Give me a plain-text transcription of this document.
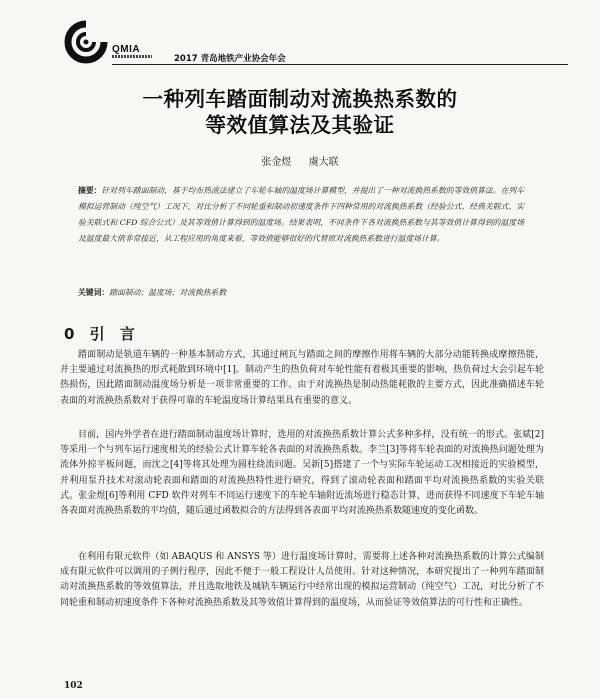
QMIA
2017 青岛地铁产业协会年会
一种列车踏面制动对流换热系数的
等效值算法及其验证
张金煜 虞大联
摘要：针对列车踏面制动，基于均布热流法建立了车轮车轴的温度场计算模型，并提出了一种对流换热系数的等效值算法。在列车模拟运营制动（纯空气）工况下，对比分析了不同轮重和制动初速度条件下四种常用的对流换热系数（经验公式、经典关联式、实验关联式和 CFD 综合公式）及其等效值计算得到的温度场。结果表明，不同条件下各对流换热系数与其等效值计算得到的温度场及温度最大值非常接近，从工程应用的角度来看，等效值能够很好的代替原对流换热系数进行温度场计算。
关键词：踏面制动；温度场；对流换热系数
0 引 言

踏面制动是轨道车辆的一种基本制动方式，其通过闸瓦与踏面之间的摩擦作用将车辆的大部分动能转换成摩擦热能，并主要通过对流换热的形式耗散到环境中[1]。制动产生的热负荷对车轮性能有着极其重要的影响，热负荷过大会引起车轮热损伤，因此踏面制动温度场分析是一项非常重要的工作。由于对流换热是制动热能耗散的主要方式，因此准确描述车轮表面的对流换热系数对于获得可靠的车轮温度场计算结果具有重要的意义。

目前，国内外学者在进行踏面制动温度场计算时，选用的对流换热系数计算公式多种多样，没有统一的形式。张斌[2]等采用一个与列车运行速度相关的经验公式计算车轮各表面的对流换热系数。李兰[3]等将车轮表面的对流换热问题处理为流体外掠平板问题，而沈之[4]等将其处理为圆柱绕流问题。吴新[5]搭建了一个与实际车轮运动工况相接近的实验模型，并利用泵升技术对滚动轮表面和踏面的对流换热特性进行研究，得到了滚动轮表面和踏面平均对流换热系数的实验关联式。张金煜[6]等利用 CFD 软件对列车不同运行速度下的车轮车轴附近流场进行稳态计算，进而获得不同速度下车轮车轴各表面对流换热系数的平均值，随后通过函数拟合的方法得到各表面平均对流换热系数随速度的变化函数。

在利用有限元软件（如 ABAQUS 和 ANSYS 等）进行温度场计算时，需要将上述各种对流换热系数的计算公式编制成有限元软件可以调用的子例行程序，因此不便于一般工程设计人员使用。针对这种情况，本研究提出了一种列车踏面制动对流换热系数的等效值算法，并且选取地铁及城轨车辆运行中经常出现的模拟运营制动（纯空气）工况，对比分析了不同轮重和制动初速度条件下各种对流换热系数及其等效值计算得到的温度场，从而验证等效值算法的可行性和正确性。

102
